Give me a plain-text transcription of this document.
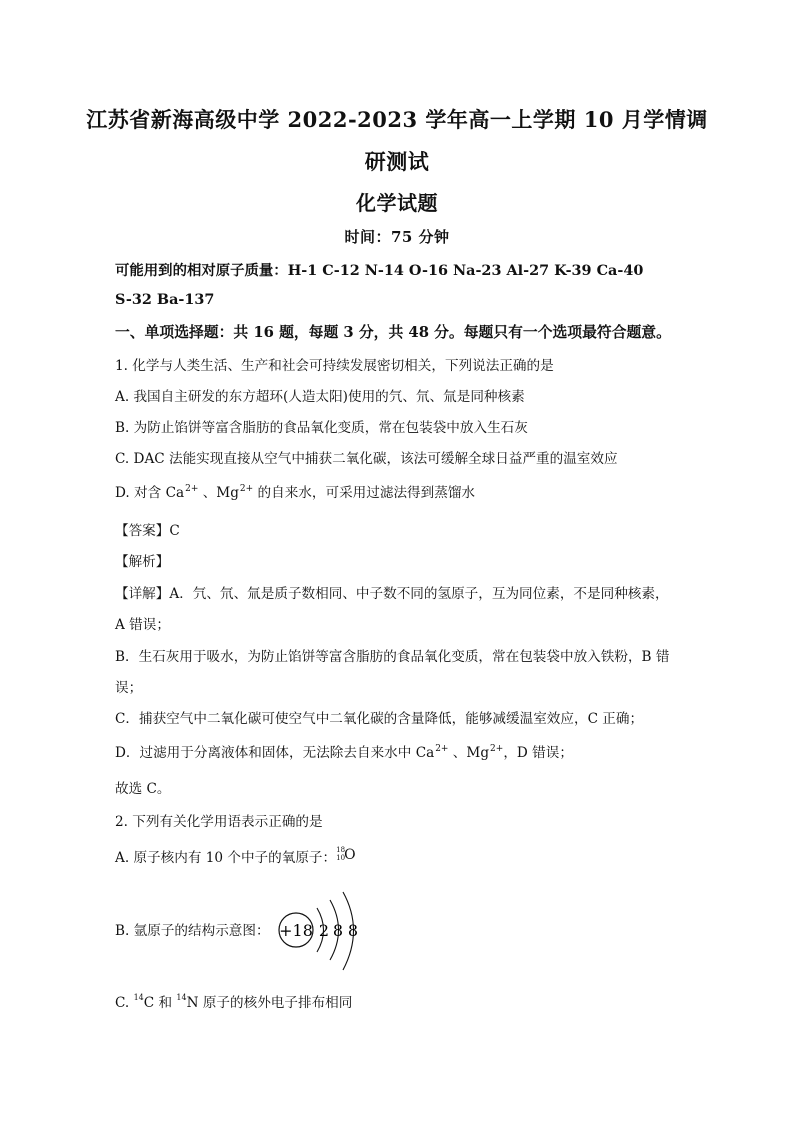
江苏省新海高级中学 2022-2023 学年高一上学期 10 月学情调
研测试
化学试题
时间：75 分钟
可能用到的相对原子质量：H-1 C-12 N-14 O-16 Na-23 Al-27 K-39 Ca-40
S-32 Ba-137
一、单项选择题：共 16 题，每题 3 分，共 48 分。每题只有一个选项最符合题意。
1. 化学与人类生活、生产和社会可持续发展密切相关，下列说法正确的是
A. 我国自主研发的东方超环(人造太阳)使用的氕、氘、氚是同种核素
B. 为防止馅饼等富含脂肪的食品氧化变质，常在包装袋中放入生石灰
C. DAC 法能实现直接从空气中捕获二氧化碳，该法可缓解全球日益严重的温室效应
D. 对含 $Ca^{2+}$ 、$Mg^{2+}$ 的自来水，可采用过滤法得到蒸馏水
【答案】C
【解析】
【详解】A．氕、氘、氚是质子数相同、中子数不同的氢原子，互为同位素，不是同种核素，
A 错误；
B．生石灰用于吸水，为防止馅饼等富含脂肪的食品氧化变质，常在包装袋中放入铁粉，B 错
误；
C．捕获空气中二氧化碳可使空气中二氧化碳的含量降低，能够减缓温室效应，C 正确；
D．过滤用于分离液体和固体，无法除去自来水中 $Ca^{2+}$ 、$Mg^{2+}$，D 错误；
故选 C。
2. 下列有关化学用语表示正确的是
A. 原子核内有 10 个中子的氧原子： 18
10 O
B. 氩原子的结构示意图： +18 2 8 8
C. $^{14}$C 和 $^{14}$N 原子的核外电子排布相同
